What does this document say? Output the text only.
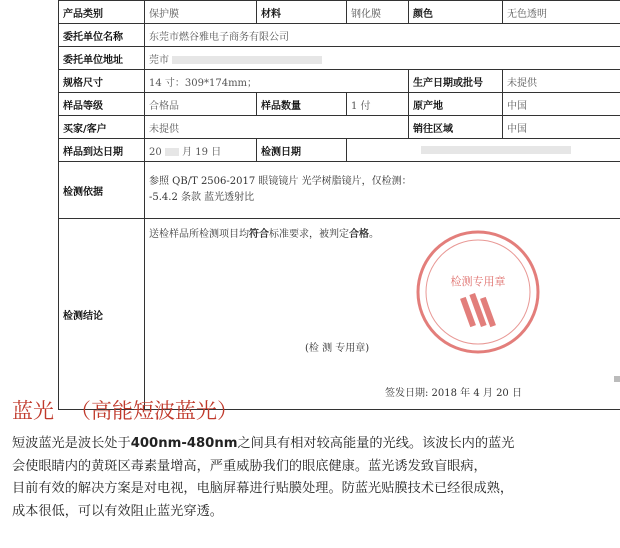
产品类别	保护膜	材料	钢化膜	颜色	无色透明
委托单位名称	东莞市燃谷雅电子商务有限公司				
委托单位地址	莞市				
规格尺寸	14 寸：309*174mm；			生产日期或批号	未提供
样品等级	合格品	样品数量	1 付	原产地	中国
买家/客户	未提供			销往区域	中国
样品到达日期	20 月 19 日	检测日期			
检测依据	参照 QB/T 2506-2017 眼镜镜片 光学树脂镜片，仅检测：
-5.4.2 条款 蓝光透射比				

检测结论	送检样品所检测项目均符合标准要求，被判定合格。
检测专用章
(检 测 专用章)
签发日期: 2018 年 4 月 20 日				

蓝光 （高能短波蓝光）

短波蓝光是波长处于400nm-480nm之间具有相对较高能量的光线。该波长内的蓝光
会使眼睛内的黄斑区毒素量增高，严重威胁我们的眼底健康。蓝光诱发致盲眼病，
目前有效的解决方案是对电视，电脑屏幕进行贴膜处理。防蓝光贴膜技术已经很成熟，
成本很低，可以有效阻止蓝光穿透。
